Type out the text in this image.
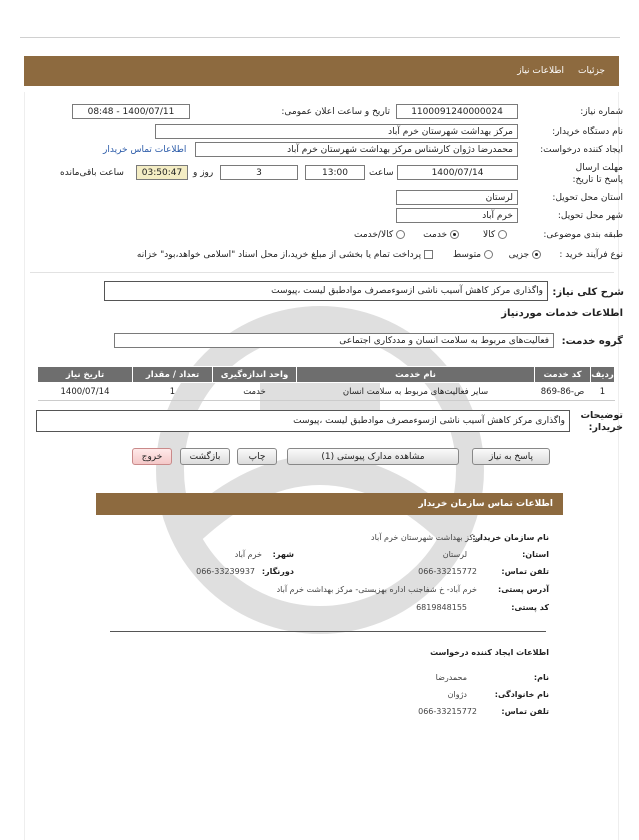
جزئیات
اطلاعات نیاز
شماره نیاز:
1100091240000024
تاریخ و ساعت اعلان عمومی:
1400/07/11 - 08:48
نام دستگاه خریدار:
مرکز بهداشت شهرستان خرم آباد
ایجاد کننده درخواست:
محمدرضا دژوان کارشناس مرکز بهداشت شهرستان خرم آباد
اطلاعات تماس خریدار
مهلت ارسال پاسخ تا تاریخ:
1400/07/14
ساعت
13:00
3
روز و
03:50:47
ساعت باقی‌مانده
استان محل تحویل:
لرستان
شهر محل تحویل:
خرم آباد
طبقه بندی موضوعی:
کالا
خدمت
کالا/خدمت
نوع فرآیند خرید :
جزیی
متوسط
پرداخت تمام یا بخشی از مبلغ خرید،از محل اسناد "اسلامی خواهد،بود" خزانه
شرح کلی نیاز:
واگذاری مرکز کاهش آسیب ناشی ازسوءمصرف موادطبق لیست ،پیوست
اطلاعات خدمات مورد‌نیاز
گروه خدمت:
فعالیت‌های مربوط به سلامت انسان و مددکاری اجتماعی
ردیف	کد خدمت	نام خدمت	واحد اندازه‌گیری	تعداد / مقدار	تاریخ نیاز
1	ص-86-869	سایر فعالیت‌های مربوط به سلامت انسان	خدمت	1	1400/07/14
توضیحات خریدار:
واگذاری مرکز کاهش آسیب ناشی ازسوءمصرف موادطبق لیست ،پیوست
پاسخ به نیاز
مشاهده مدارک پیوستی (1)
چاپ
بازگشت
خروج
اطلاعات تماس سازمان خریدار
نام سازمان خریدار:
مرکز بهداشت شهرستان خرم آباد
استان:
لرستان
شهر:
خرم آباد
تلفن تماس:
066-33215772
دورنگار:
066-33239937
آدرس پستی:
خرم آباد- خ شفاجنب اداره بهزیستی- مرکز بهداشت خرم آباد
کد پستی:
6819848155
اطلاعات ایجاد کننده درخواست
نام:
محمدرضا
نام خانوادگی:
دژوان
تلفن تماس:
066-33215772
